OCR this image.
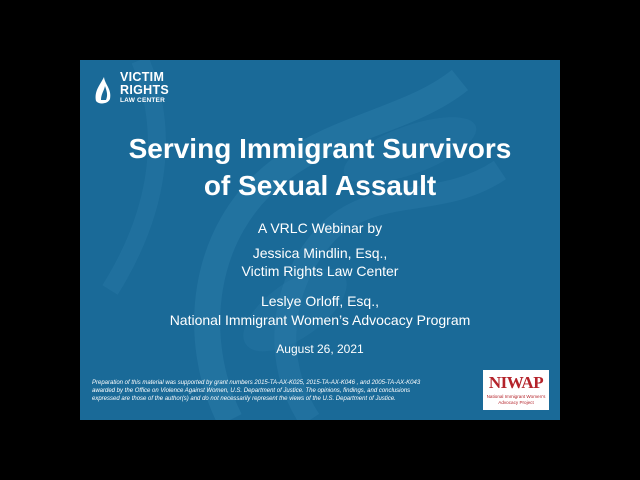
VICTIM
RIGHTS
LAW CENTER
Serving Immigrant Survivors
of Sexual Assault
A VRLC Webinar by
Jessica Mindlin, Esq.,
Victim Rights Law Center
Leslye Orloff, Esq.,
National Immigrant Women’s Advocacy Program
August 26, 2021
Preparation of this material was supported by grant numbers 2015-TA-AX-K025, 2015-TA-AX-K046 , and 2005-TA-AX-K043
awarded by the Office on Violence Against Women, U.S. Department of Justice. The opinions, findings, and conclusions
expressed are those of the author(s) and do not necessarily represent the views of the U.S. Department of Justice.
NIWAP
National Immigrant Women’s Advocacy Project
